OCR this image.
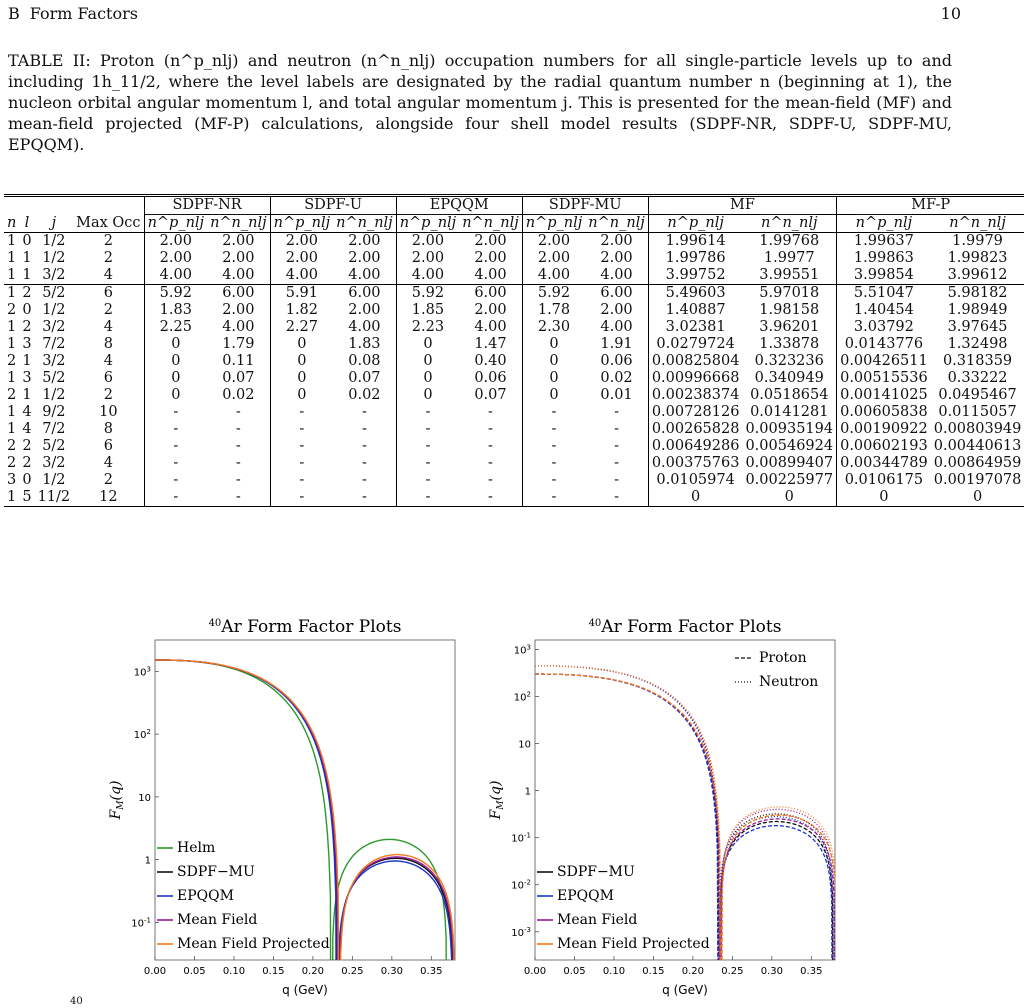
B Form Factors	10
TABLE II: Proton (n^p_nlj) and neutron (n^n_nlj) occupation numbers for all single-particle levels up to and including 1h_11/2, where the level labels are designated by the radial quantum number n (beginning at 1), the nucleon orbital angular momentum l, and total angular momentum j. This is presented for the mean-field (MF) and mean-field projected (MF-P) calculations, alongside four shell model results (SDPF-NR, SDPF-U, SDPF-MU, EPQQM).
				SDPF-NR		SDPF-U		EPQQM		SDPF-MU		MF		MF-P	
n	l	j	Max Occ	n^p_nlj	n^n_nlj	n^p_nlj	n^n_nlj	n^p_nlj	n^n_nlj	n^p_nlj	n^n_nlj	n^p_nlj	n^n_nlj	n^p_nlj	n^n_nlj
1	0	1/2	2	2.00	2.00	2.00	2.00	2.00	2.00	2.00	2.00	1.99614	1.99768	1.99637	1.9979
1	1	1/2	2	2.00	2.00	2.00	2.00	2.00	2.00	2.00	2.00	1.99786	1.9977	1.99863	1.99823
1	1	3/2	4	4.00	4.00	4.00	4.00	4.00	4.00	4.00	4.00	3.99752	3.99551	3.99854	3.99612
1	2	5/2	6	5.92	6.00	5.91	6.00	5.92	6.00	5.92	6.00	5.49603	5.97018	5.51047	5.98182
2	0	1/2	2	1.83	2.00	1.82	2.00	1.85	2.00	1.78	2.00	1.40887	1.98158	1.40454	1.98949
1	2	3/2	4	2.25	4.00	2.27	4.00	2.23	4.00	2.30	4.00	3.02381	3.96201	3.03792	3.97645
1	3	7/2	8	0	1.79	0	1.83	0	1.47	0	1.91	0.0279724	1.33878	0.0143776	1.32498
2	1	3/2	4	0	0.11	0	0.08	0	0.40	0	0.06	0.00825804	0.323236	0.00426511	0.318359
1	3	5/2	6	0	0.07	0	0.07	0	0.06	0	0.02	0.00996668	0.340949	0.00515536	0.33222
2	1	1/2	2	0	0.02	0	0.02	0	0.07	0	0.01	0.00238374	0.0518654	0.00141025	0.0495467
1	4	9/2	10	-	-	-	-	-	-	-	-	0.00728126	0.0141281	0.00605838	0.0115057
1	4	7/2	8	-	-	-	-	-	-	-	-	0.00265828	0.00935194	0.00190922	0.00803949
2	2	5/2	6	-	-	-	-	-	-	-	-	0.00649286	0.00546924	0.00602193	0.00440613
2	2	3/2	4	-	-	-	-	-	-	-	-	0.00375763	0.00899407	0.00344789	0.00864959
3	0	1/2	2	-	-	-	-	-	-	-	-	0.0105974	0.00225977	0.0106175	0.00197078
1	5	11/2	12	-	-	-	-	-	-	-	-	0	0	0	0
$^{40}$Ar Form Factor Plots
0.00 0.05 0.10 0.15 0.20 0.25 0.30 0.35
$10^{-1}$
1
10
$10^2$
$10^3$
q (GeV)
$F_M(q)$
Helm
SDPF−MU
EPQQM
Mean Field
Mean Field Projected
$^{40}$Ar Form Factor Plots
0.00 0.05 0.10 0.15 0.20 0.25 0.30 0.35
$10^{-3}$
$10^{-2}$
$10^{-1}$
1
10
$10^2$
$10^3$
q (GeV)
$F_M(q)$
SDPF−MU
EPQQM
Mean Field
Mean Field Projected
Proton
Neutron
40
